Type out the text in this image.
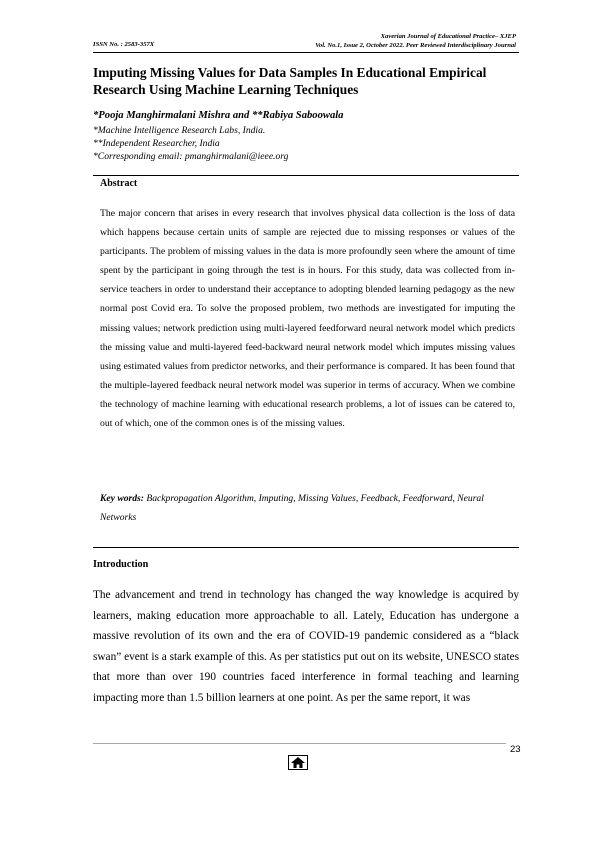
Xaverian Journal of Educational Practice– XJEP
Vol. No.1, Issue 2, October 2022. Peer Reviewed Interdisciplinary Journal
ISSN No. : 2583-357X
Imputing Missing Values for Data Samples In Educational Empirical Research Using Machine Learning Techniques
*Pooja Manghirmalani Mishra and **Rabiya Saboowala
*Machine Intelligence Research Labs, India.
**Independent Researcher, India
*Corresponding email: pmanghirmalani@ieee.org
Abstract
The major concern that arises in every research that involves physical data collection is the loss of data which happens because certain units of sample are rejected due to missing responses or values of the participants. The problem of missing values in the data is more profoundly seen where the amount of time spent by the participant in going through the test is in hours. For this study, data was collected from in-service teachers in order to understand their acceptance to adopting blended learning pedagogy as the new normal post Covid era. To solve the proposed problem, two methods are investigated for imputing the missing values; network prediction using multi-layered feedforward neural network model which predicts the missing value and multi-layered feed-backward neural network model which imputes missing values using estimated values from predictor networks, and their performance is compared. It has been found that the multiple-layered feedback neural network model was superior in terms of accuracy. When we combine the technology of machine learning with educational research problems, a lot of issues can be catered to, out of which, one of the common ones is of the missing values.
Key words: Backpropagation Algorithm, Imputing, Missing Values, Feedback, Feedforward, Neural Networks
Introduction
The advancement and trend in technology has changed the way knowledge is acquired by learners, making education more approachable to all. Lately, Education has undergone a massive revolution of its own and the era of COVID-19 pandemic considered as a “black swan” event is a stark example of this. As per statistics put out on its website, UNESCO states that more than over 190 countries faced interference in formal teaching and learning impacting more than 1.5 billion learners at one point. As per the same report, it was
23
